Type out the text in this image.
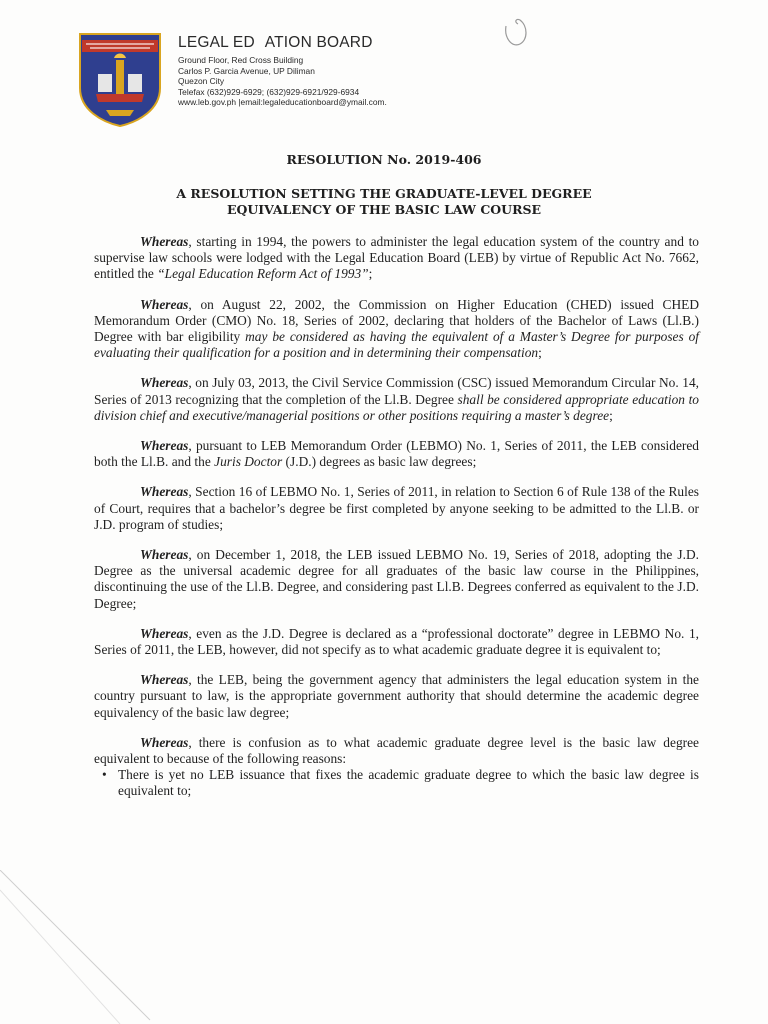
LEGAL ED   ATION BOARD
Ground Floor, Red Cross Building
Carlos P. Garcia Avenue, UP Diliman
Quezon City
Telefax (632)929-6929; (632)929-6921/929-6934
www.leb.gov.ph |email:legaleducationboard@ymail.com.
RESOLUTION No. 2019-406
A RESOLUTION SETTING THE GRADUATE-LEVEL DEGREE
EQUIVALENCY OF THE BASIC LAW COURSE

Whereas, starting in 1994, the powers to administer the legal education system of the country and to supervise law schools were lodged with the Legal Education Board (LEB) by virtue of Republic Act No. 7662, entitled the “Legal Education Reform Act of 1993”;

Whereas, on August 22, 2002, the Commission on Higher Education (CHED) issued CHED Memorandum Order (CMO) No. 18, Series of 2002, declaring that holders of the Bachelor of Laws (Ll.B.) Degree with bar eligibility may be considered as having the equivalent of a Master’s Degree for purposes of evaluating their qualification for a position and in determining their compensation;

Whereas, on July 03, 2013, the Civil Service Commission (CSC) issued Memorandum Circular No. 14, Series of 2013 recognizing that the completion of the Ll.B. Degree shall be considered appropriate education to division chief and executive/managerial positions or other positions requiring a master’s degree;

Whereas, pursuant to LEB Memorandum Order (LEBMO) No. 1, Series of 2011, the LEB considered both the Ll.B. and the Juris Doctor (J.D.) degrees as basic law degrees;

Whereas, Section 16 of LEBMO No. 1, Series of 2011, in relation to Section 6 of Rule 138 of the Rules of Court, requires that a bachelor’s degree be first completed by anyone seeking to be admitted to the Ll.B. or J.D. program of studies;

Whereas, on December 1, 2018, the LEB issued LEBMO No. 19, Series of 2018, adopting the J.D. Degree as the universal academic degree for all graduates of the basic law course in the Philippines, discontinuing the use of the Ll.B. Degree, and considering past Ll.B. Degrees conferred as equivalent to the J.D. Degree;

Whereas, even as the J.D. Degree is declared as a “professional doctorate” degree in LEBMO No. 1, Series of 2011, the LEB, however, did not specify as to what academic graduate degree it is equivalent to;

Whereas, the LEB, being the government agency that administers the legal education system in the country pursuant to law, is the appropriate government authority that should determine the academic degree equivalency of the basic law degree;

Whereas, there is confusion as to what academic graduate degree level is the basic law degree equivalent to because of the following reasons:

• There is yet no LEB issuance that fixes the academic graduate degree to which the basic law degree is equivalent to;
